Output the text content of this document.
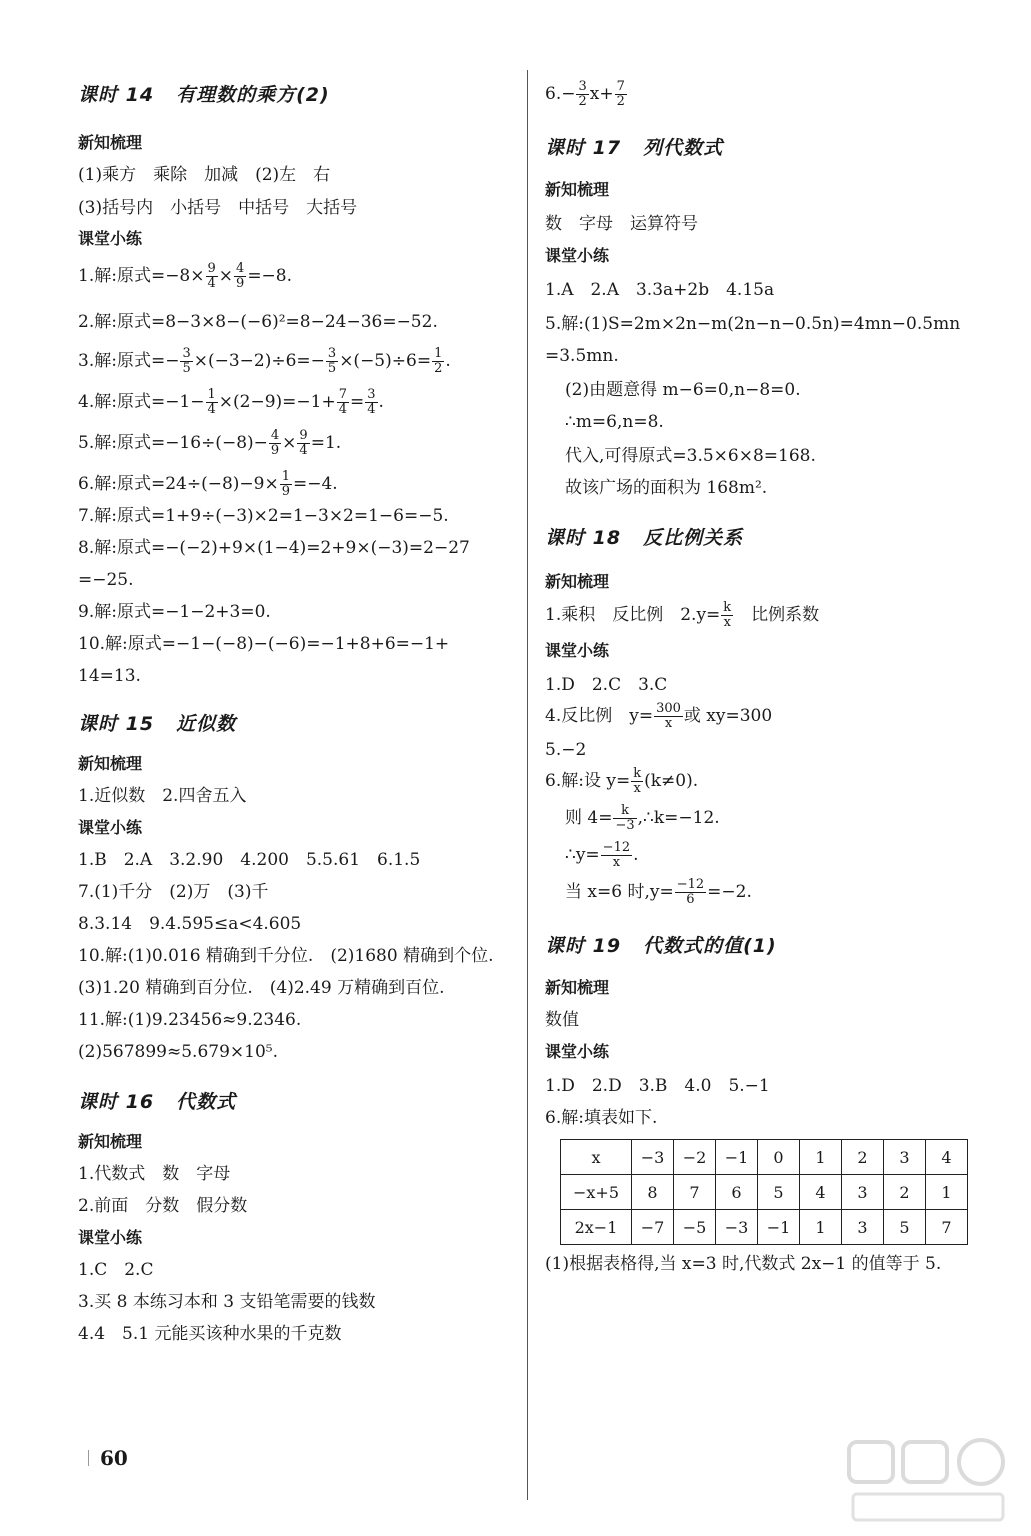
课时 14 有理数的乘方(2)
新知梳理
(1)乘方　乘除　加减　(2)左　右
(3)括号内　小括号　中括号　大括号
课堂小练
1.解:原式$=-8\times \frac{9}{4} \times \frac{4}{9} =-8$.
2.解:原式=8−3×8−(−6)²=8−24−36=−52.
3.解:原式=− $\frac{3}{5} \times(-3-2)\div 6=- \frac{3}{5} \times(-5)\div 6= \frac{1}{2}$ .
4.解:原式$=-1- \frac{1}{4} \times(2-9)=-1+ \frac{7}{4} = \frac{3}{4}$ .
5.解:原式$=-16\div(-8)- \frac{4}{9} \times \frac{9}{4} =1$.
6.解:原式$=24\div(-8)-9\times \frac{1}{9} =-4$.
7.解:原式=1+9÷(−3)×2=1−3×2=1−6=−5.
8.解:原式=−(−2)+9×(1−4)=2+9×(−3)=2−27
=−25.
9.解:原式=−1−2+3=0.
10.解:原式=−1−(−8)−(−6)=−1+8+6=−1+
14=13.
课时 15 近似数
新知梳理
1.近似数　2.四舍五入
课堂小练
1.B　2.A　3.2.90　4.200　5.5.61　6.1.5
7.(1)千分　(2)万　(3)千
8.3.14　9.4.595≤a<4.605
10.解:(1)0.016 精确到千分位.　(2)1680 精确到个位.
(3)1.20 精确到百分位.　(4)2.49 万精确到百位.
11.解:(1)9.23456≈9.2346.
(2)567899≈5.679×10⁵.
课时 16 代数式
新知梳理
1.代数式　数　字母
2.前面　分数　假分数
课堂小练
1.C　2.C
3.买 8 本练习本和 3 支铅笔需要的钱数
4.4　5.1 元能买该种水果的千克数
$6.- \frac{3}{2} x+ \frac{7}{2}$
课时 17 列代数式
新知梳理
数　字母　运算符号
课堂小练
1.A　2.A　3.3a+2b　4.15a
5.解:(1)S=2m×2n−m(2n−n−0.5n)=4mn−0.5mn
=3.5mn.
(2)由题意得 m−6=0,n−8=0.
∴m=6,n=8.
代入,可得原式=3.5×6×8=168.
故该广场的面积为 168m².
课时 18 反比例关系
新知梳理
1.乘积　反比例　$2.y= \frac{k}{x}$ 　比例系数
课堂小练
1.D　2.C　3.C
4.反比例　$y= \frac{300}{x}$ 或 xy=300
5.−2
6.解:设 $y= \frac{k}{x} (k\ne 0)$.
则 $4= \frac{k}{-3}$ ,∴k=−12.
∴y= $\frac{-12}{x}$ .
当 x=6 时$,y= \frac{-12}{6} =-2$.
课时 19 代数式的值(1)
新知梳理
数值
课堂小练
1.D　2.D　3.B　4.0　5.−1
6.解:填表如下.
x	−3	−2	−1	0	1	2	3	4
−x+5	8	7	6	5	4	3	2	1
2x−1	−7	−5	−3	−1	1	3	5	7
(1)根据表格得,当 x=3 时,代数式 2x−1 的值等于 5.
60
